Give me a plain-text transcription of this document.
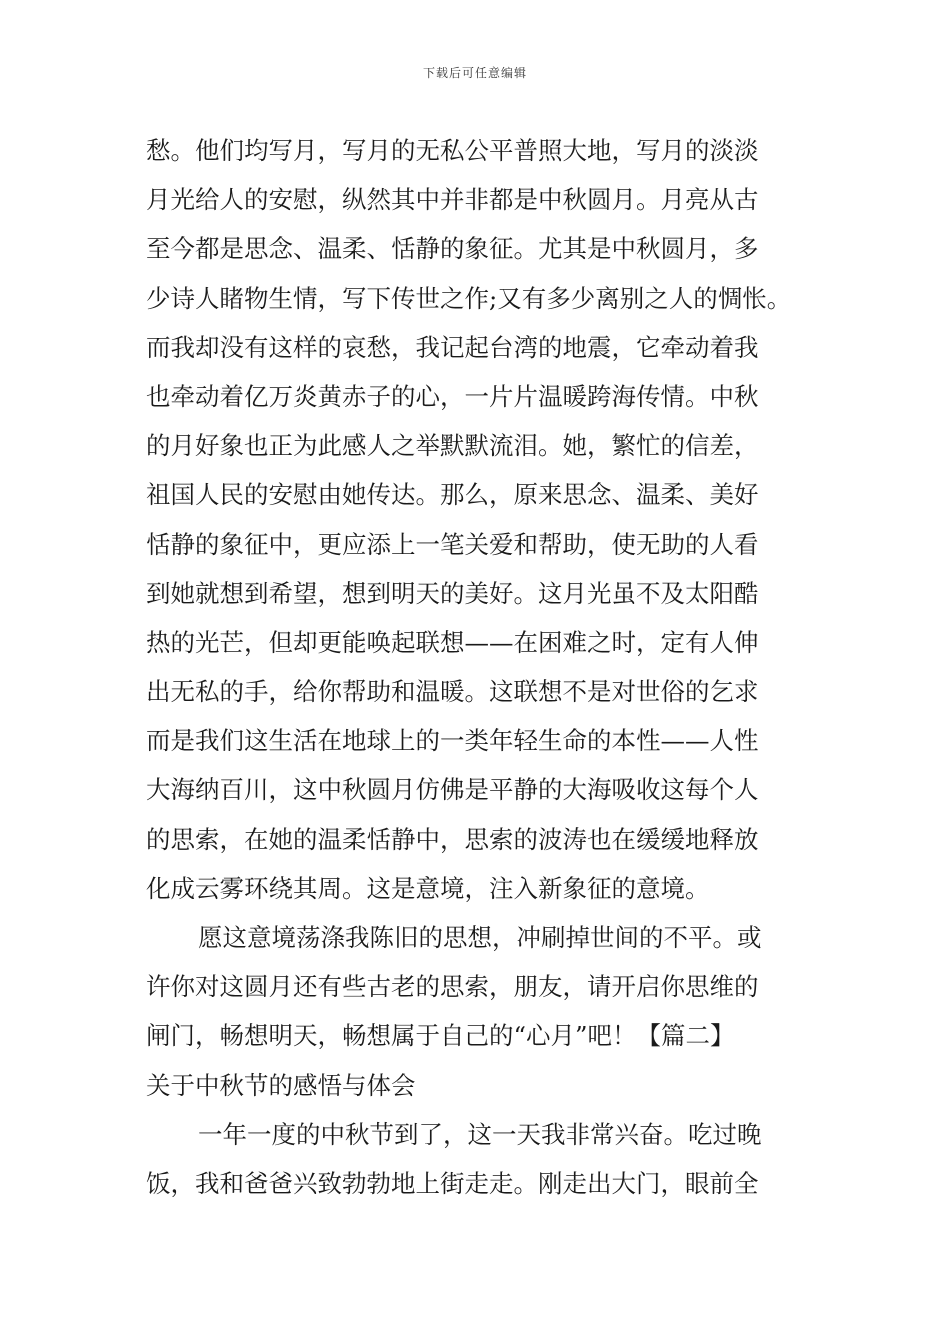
下载后可任意编辑
愁。他们均写月，写月的无私公平普照大地，写月的淡淡
月光给人的安慰，纵然其中并非都是中秋圆月。月亮从古
至今都是思念、温柔、恬静的象征。尤其是中秋圆月，多
少诗人睹物生情，写下传世之作;又有多少离别之人的惆怅。
而我却没有这样的哀愁，我记起台湾的地震，它牵动着我
也牵动着亿万炎黄赤子的心，一片片温暖跨海传情。中秋
的月好象也正为此感人之举默默流泪。她，繁忙的信差，
祖国人民的安慰由她传达。那么，原来思念、温柔、美好
恬静的象征中，更应添上一笔关爱和帮助，使无助的人看
到她就想到希望，想到明天的美好。这月光虽不及太阳酷
热的光芒，但却更能唤起联想——在困难之时，定有人伸
出无私的手，给你帮助和温暖。这联想不是对世俗的乞求
而是我们这生活在地球上的一类年轻生命的本性——人性
大海纳百川，这中秋圆月仿佛是平静的大海吸收这每个人
的思索，在她的温柔恬静中，思索的波涛也在缓缓地释放
化成云雾环绕其周。这是意境，注入新象征的意境。
愿这意境荡涤我陈旧的思想，冲刷掉世间的不平。或
许你对这圆月还有些古老的思索，朋友，请开启你思维的
闸门，畅想明天，畅想属于自己的“心月”吧！【篇二】
关于中秋节的感悟与体会
一年一度的中秋节到了，这一天我非常兴奋。吃过晚
饭，我和爸爸兴致勃勃地上街走走。刚走出大门，眼前全
